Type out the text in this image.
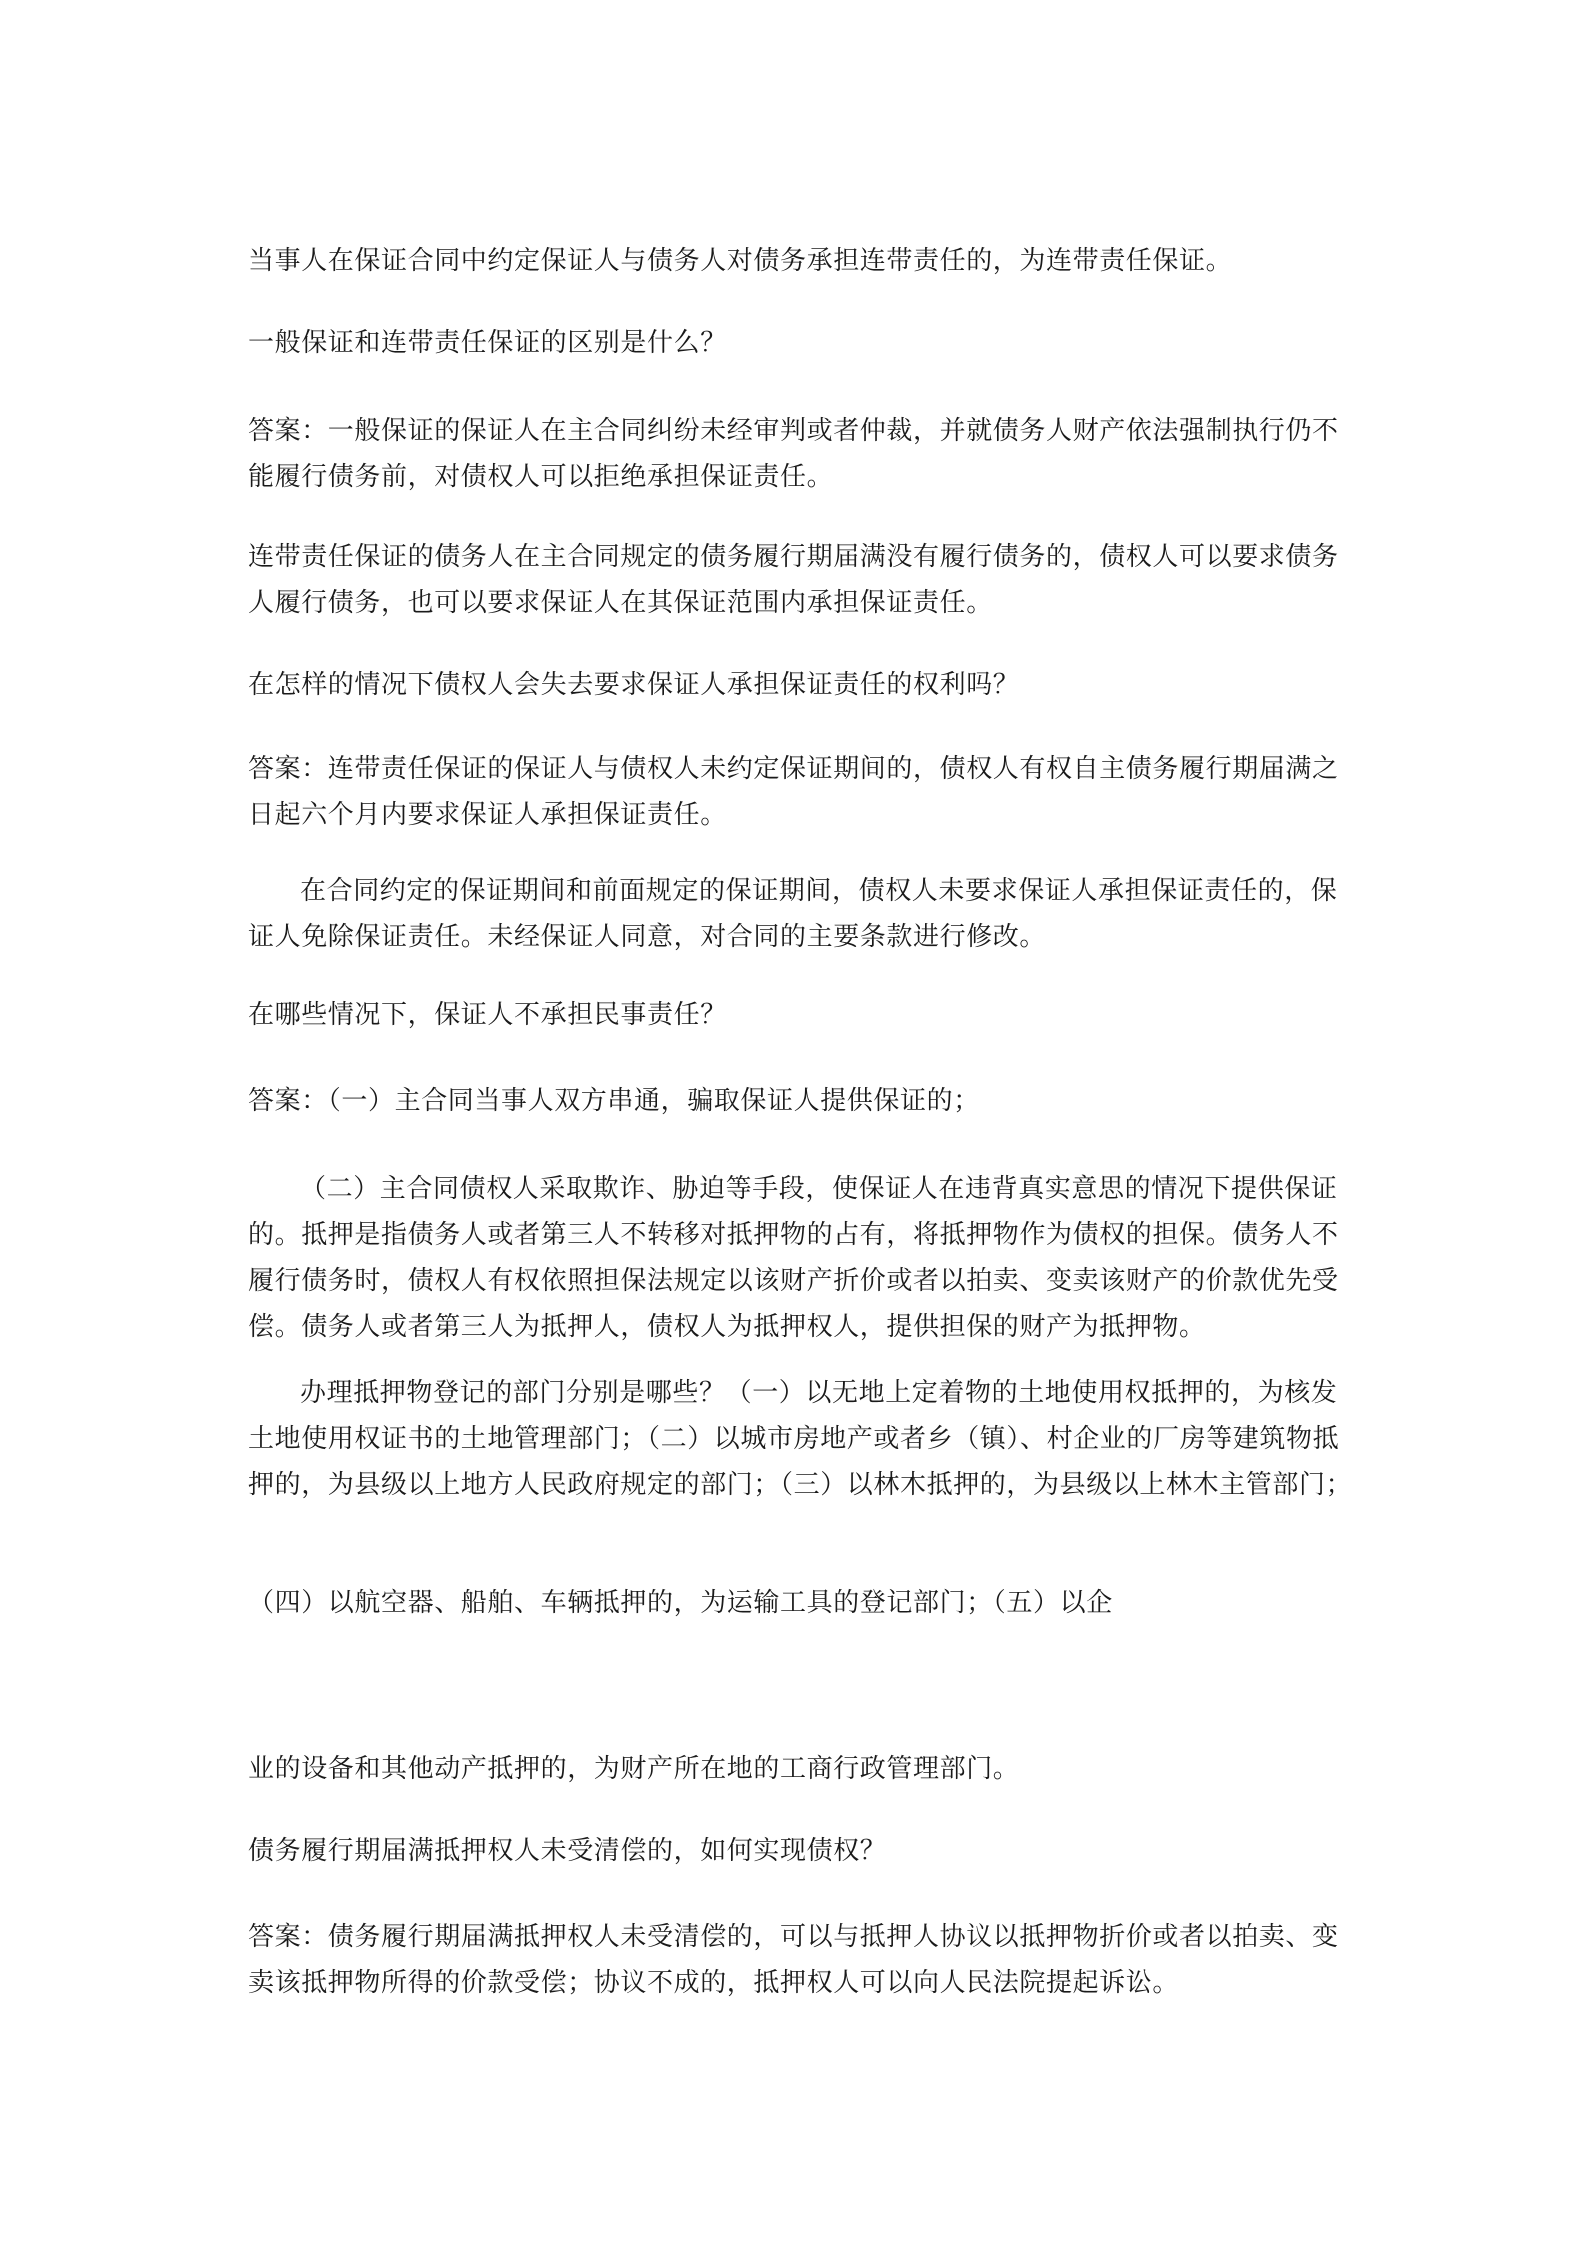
当事人在保证合同中约定保证人与债务人对债务承担连带责任的，为连带责任保证。

一般保证和连带责任保证的区别是什么？

答案：一般保证的保证人在主合同纠纷未经审判或者仲裁，并就债务人财产依法强制执行仍不能履行债务前，对债权人可以拒绝承担保证责任。

连带责任保证的债务人在主合同规定的债务履行期届满没有履行债务的，债权人可以要求债务人履行债务，也可以要求保证人在其保证范围内承担保证责任。

在怎样的情况下债权人会失去要求保证人承担保证责任的权利吗？

答案：连带责任保证的保证人与债权人未约定保证期间的，债权人有权自主债务履行期届满之日起六个月内要求保证人承担保证责任。

在合同约定的保证期间和前面规定的保证期间，债权人未要求保证人承担保证责任的，保证人免除保证责任。未经保证人同意，对合同的主要条款进行修改。

在哪些情况下，保证人不承担民事责任？

答案：（一）主合同当事人双方串通，骗取保证人提供保证的；

（二）主合同债权人采取欺诈、胁迫等手段，使保证人在违背真实意思的情况下提供保证的。抵押是指债务人或者第三人不转移对抵押物的占有，将抵押物作为债权的担保。债务人不履行债务时，债权人有权依照担保法规定以该财产折价或者以拍卖、变卖该财产的价款优先受偿。债务人或者第三人为抵押人，债权人为抵押权人，提供担保的财产为抵押物。

办理抵押物登记的部门分别是哪些？（一）以无地上定着物的土地使用权抵押的，为核发土地使用权证书的土地管理部门；（二）以城市房地产或者乡（镇）、村企业的厂房等建筑物抵押的，为县级以上地方人民政府规定的部门；（三）以林木抵押的，为县级以上林木主管部门；

（四）以航空器、船舶、车辆抵押的，为运输工具的登记部门；（五）以企

业的设备和其他动产抵押的，为财产所在地的工商行政管理部门。

债务履行期届满抵押权人未受清偿的，如何实现债权？

答案：债务履行期届满抵押权人未受清偿的，可以与抵押人协议以抵押物折价或者以拍卖、变卖该抵押物所得的价款受偿；协议不成的，抵押权人可以向人民法院提起诉讼。
